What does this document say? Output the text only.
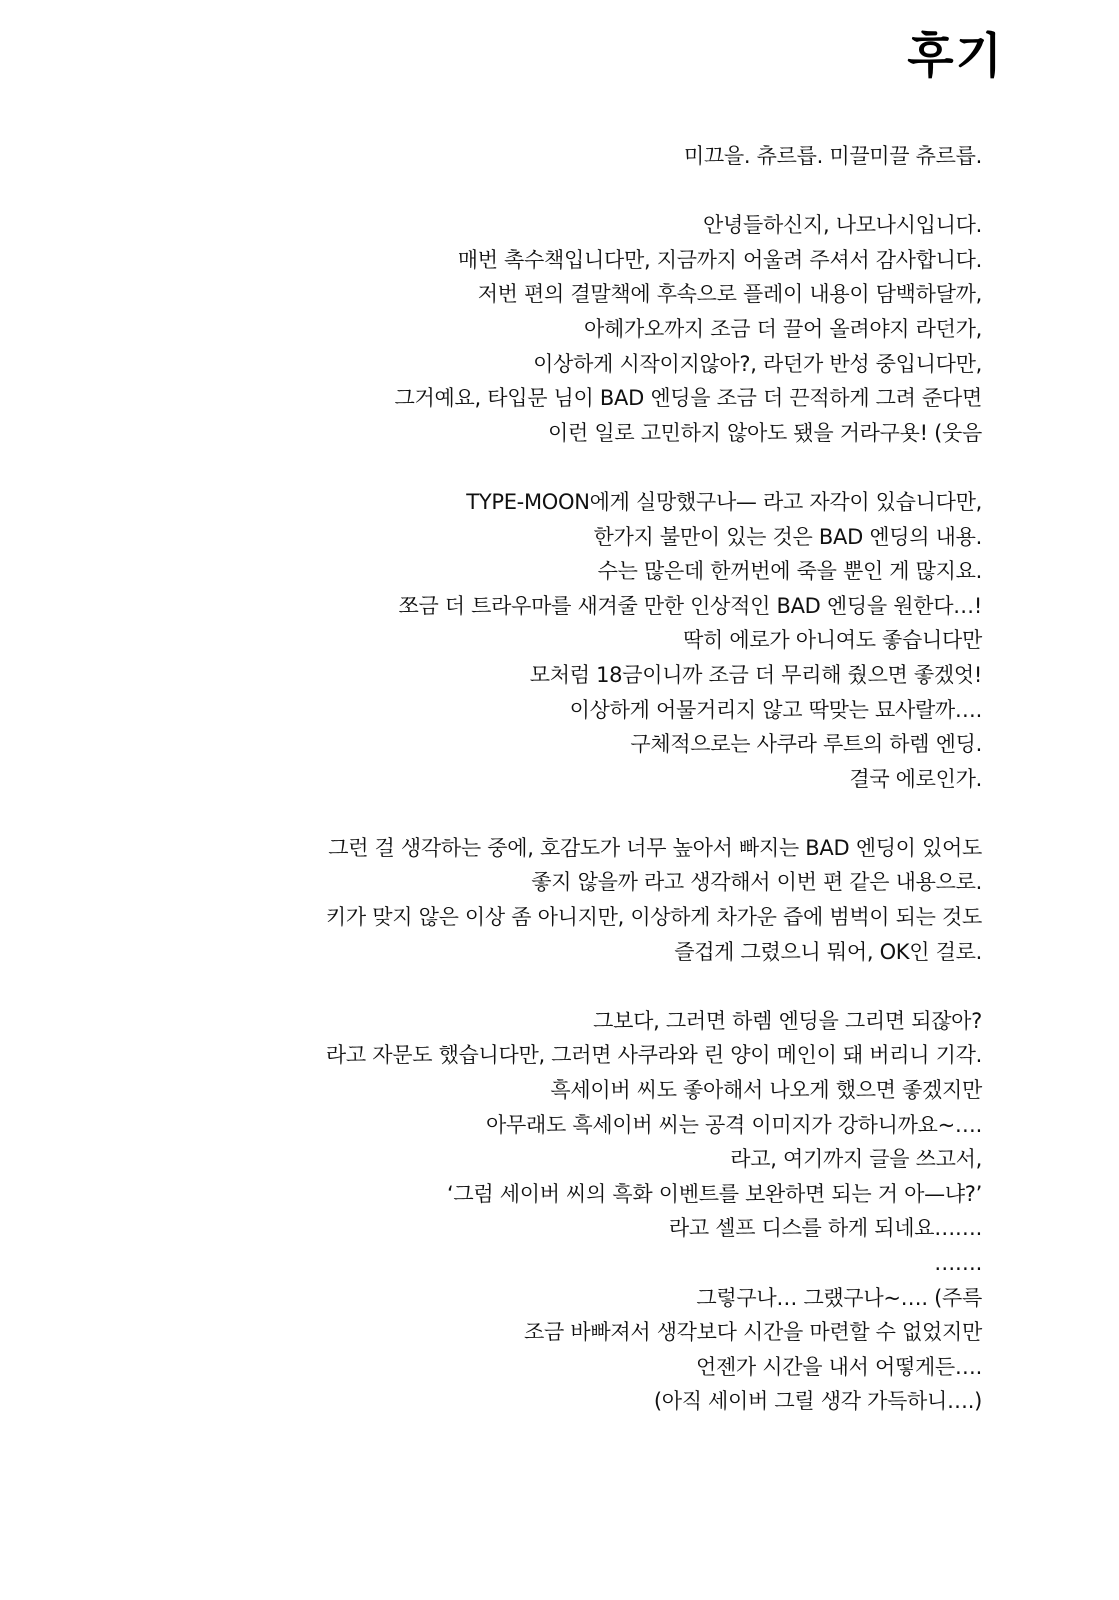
후기
미끄을. 츄르릅. 미끌미끌 츄르릅.
안녕들하신지, 나모나시입니다.
매번 촉수책입니다만, 지금까지 어울려 주셔서 감사합니다.
저번 편의 결말책에 후속으로 플레이 내용이 담백하달까,
아헤가오까지 조금 더 끌어 올려야지 라던가,
이상하게 시작이지않아?, 라던가 반성 중입니다만,
그거예요, 타입문 님이 BAD 엔딩을 조금 더 끈적하게 그려 준다면
이런 일로 고민하지 않아도 됐을 거라구욧! (웃음
TYPE-MOON에게 실망했구나— 라고 자각이 있습니다만,
한가지 불만이 있는 것은 BAD 엔딩의 내용.
수는 많은데 한꺼번에 죽을 뿐인 게 많지요.
쪼금 더 트라우마를 새겨줄 만한 인상적인 BAD 엔딩을 원한다…!
딱히 에로가 아니여도 좋습니다만
모처럼 18금이니까 조금 더 무리해 줬으면 좋겠엇!
이상하게 어물거리지 않고 딱맞는 묘사랄까….
구체적으로는 사쿠라 루트의 하렘 엔딩.
결국 에로인가.
그런 걸 생각하는 중에, 호감도가 너무 높아서 빠지는 BAD 엔딩이 있어도
좋지 않을까 라고 생각해서 이번 편 같은 내용으로.
키가 맞지 않은 이상 좀 아니지만, 이상하게 차가운 즙에 범벅이 되는 것도
즐겁게 그렸으니 뭐어, OK인 걸로.
그보다, 그러면 하렘 엔딩을 그리면 되잖아?
라고 자문도 했습니다만, 그러면 사쿠라와 린 양이 메인이 돼 버리니 기각.
흑세이버 씨도 좋아해서 나오게 했으면 좋겠지만
아무래도 흑세이버 씨는 공격 이미지가 강하니까요~….
라고, 여기까지 글을 쓰고서,
‘그럼 세이버 씨의 흑화 이벤트를 보완하면 되는 거 아—냐?’
라고 셀프 디스를 하게 되네요…….
…….
그렇구나… 그랬구나~…. (주륵
조금 바빠져서 생각보다 시간을 마련할 수 없었지만
언젠가 시간을 내서 어떻게든….
(아직 세이버 그릴 생각 가득하니….)
